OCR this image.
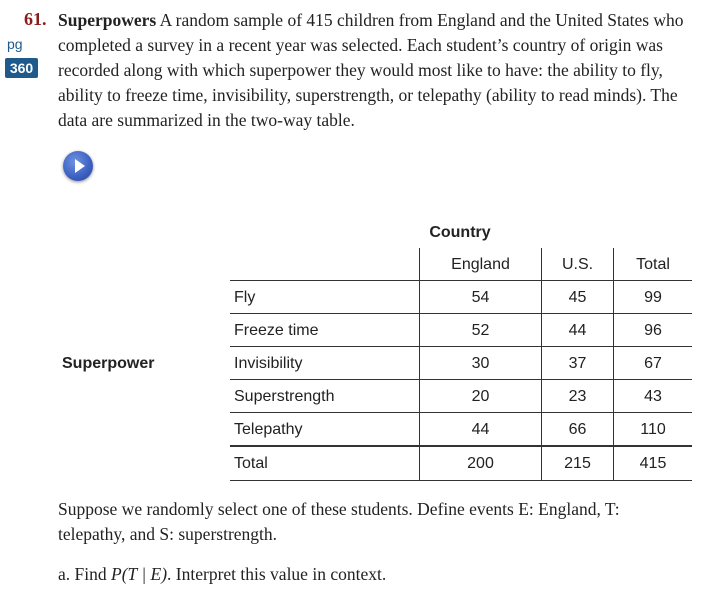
61.
pg
360
Superpowers A random sample of 415 children from England and the United States who completed a survey in a recent year was selected. Each student’s country of origin was recorded along with which superpower they would most like to have: the ability to fly, ability to freeze time, invisibility, superstrength, or telepathy (ability to read minds). The data are summarized in the two-way table.
Country
Superpower
England	U.S.	Total
Fly	54	45	99
Freeze time	52	44	96
Invisibility	30	37	67
Superstrength	20	23	43
Telepathy	44	66	110
Total	200	215	415
Suppose we randomly select one of these students. Define events E: England, T: telepathy, and S: superstrength.
a. Find P(T | E). Interpret this value in context.
